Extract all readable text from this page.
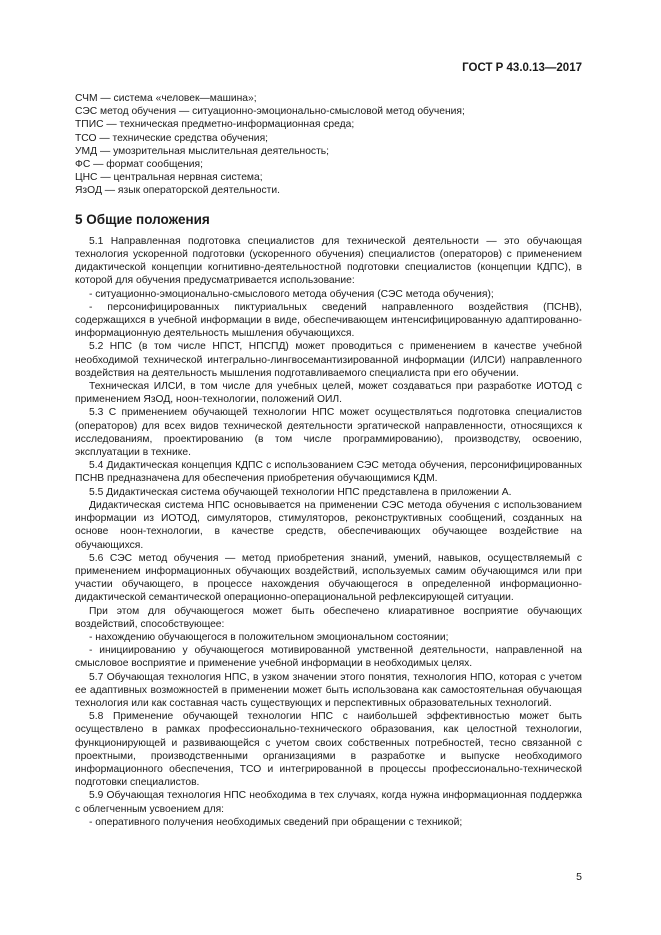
ГОСТ Р 43.0.13—2017

СЧМ — система «человек—машина»;

СЭС метод обучения — ситуационно-эмоционально-смысловой метод обучения;

ТПИС — техническая предметно-информационная среда;

ТСО — технические средства обучения;

УМД — умозрительная мыслительная деятельность;

ФС — формат сообщения;

ЦНС — центральная нервная система;

ЯзОД — язык операторской деятельности.

5 Общие положения

5.1 Направленная подготовка специалистов для технической деятельности — это обучающая технология ускоренной подготовки (ускоренного обучения) специалистов (операторов) с применением дидактической концепции когнитивно-деятельностной подготовки специалистов (концепции КДПС), в которой для обучения предусматривается использование:

- ситуационно-эмоционально-смыслового метода обучения (СЭС метода обучения);

- персонифицированных пиктуриальных сведений направленного воздействия (ПСНВ), содержащихся в учебной информации в виде, обеспечивающем интенсифицированную адаптированно-информационную деятельность мышления обучающихся.

5.2 НПС (в том числе НПСТ, НПСПД) может проводиться с применением в качестве учебной необходимой технической интегрально-лингвосемантизированной информации (ИЛСИ) направленного воздействия на деятельность мышления подготавливаемого специалиста при его обучении.

Техническая ИЛСИ, в том числе для учебных целей, может создаваться при разработке ИОТОД с применением ЯзОД, ноон-технологии, положений ОИЛ.

5.3 С применением обучающей технологии НПС может осуществляться подготовка специалистов (операторов) для всех видов технической деятельности эргатической направленности, относящихся к исследованиям, проектированию (в том числе программированию), производству, освоению, эксплуатации в технике.

5.4 Дидактическая концепция КДПС с использованием СЭС метода обучения, персонифицированных ПСНВ предназначена для обеспечения приобретения обучающимися КДМ.

5.5 Дидактическая система обучающей технологии НПС представлена в приложении А.

Дидактическая система НПС основывается на применении СЭС метода обучения с использованием информации из ИОТОД, симуляторов, стимуляторов, реконструктивных сообщений, созданных на основе ноон-технологии, в качестве средств, обеспечивающих обучающее воздействие на обучающихся.

5.6 СЭС метод обучения — метод приобретения знаний, умений, навыков, осуществляемый с применением информационных обучающих воздействий, используемых самим обучающимся или при участии обучающего, в процессе нахождения обучающегося в определенной информационно-дидактической семантической операционно-операциональной рефлексирующей ситуации.

При этом для обучающегося может быть обеспечено клиаративное восприятие обучающих воздействий, способствующее:

- нахождению обучающегося в положительном эмоциональном состоянии;

- инициированию у обучающегося мотивированной умственной деятельности, направленной на смысловое восприятие и применение учебной информации в необходимых целях.

5.7 Обучающая технология НПС, в узком значении этого понятия, технология НПО, которая с учетом ее адаптивных возможностей в применении может быть использована как самостоятельная обучающая технология или как составная часть существующих и перспективных образовательных технологий.

5.8 Применение обучающей технологии НПС с наибольшей эффективностью может быть осуществлено в рамках профессионально-технического образования, как целостной технологии, функционирующей и развивающейся с учетом своих собственных потребностей, тесно связанной с проектными, производственными организациями в разработке и выпуске необходимого информационного обеспечения, ТСО и интегрированной в процессы профессионально-технической подготовки специалистов.

5.9 Обучающая технология НПС необходима в тех случаях, когда нужна информационная поддержка с облегченным усвоением для:

- оперативного получения необходимых сведений при обращении с техникой;

5
